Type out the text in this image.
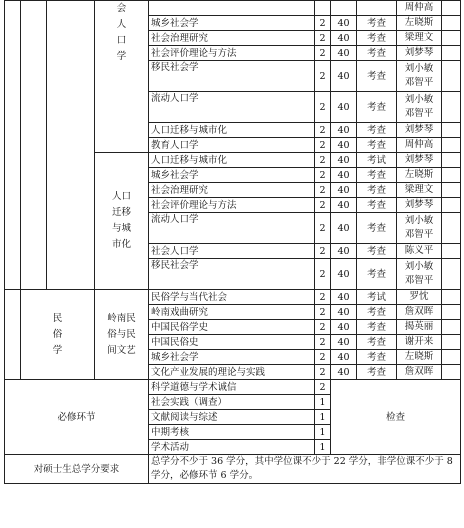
			会
人
口
学					周仲高	
				城乡社会学	2	40	考查	左晓斯	
				社会治理研究	2	40	考查	梁理文	
				社会评价理论与方法	2	40	考查	刘梦琴	
				移民社会学	2	40	考查	刘小敏
邓智平	
				流动人口学	2	40	考查	刘小敏
邓智平	
				人口迁移与城市化	2	40	考查	刘梦琴	
				教育人口学	2	40	考查	周仲高	
			人口
迁移
与城
市化	人口迁移与城市化	2	40	考试	刘梦琴	
				城乡社会学	2	40	考查	左晓斯	
				社会治理研究	2	40	考查	梁理文	
				社会评价理论与方法	2	40	考查	刘梦琴	
				流动人口学	2	40	考查	刘小敏
邓智平	
				社会人口学	2	40	考查	陈义平	
				移民社会学	2	40	考查	刘小敏
邓智平	
	民
俗
学		岭南民
俗与民
间文艺	民俗学与当代社会	2	40	考试	罗忱	
				岭南戏曲研究	2	40	考查	詹双晖	
				中国民俗学史	2	40	考查	揭英丽	
				中国民俗史	2	40	考查	谢开来	
				城乡社会学	2	40	考查	左晓斯	
				文化产业发展的理论与实践	2	40	考查	詹双晖	
必修环节				科学道德与学术诚信	2	检查			
				社会实践（调查）	1				
				文献阅读与综述	1				
				中期考核	1				
				学术活动	1				
对硕士生总学分要求				总学分不少于 36 学分，其中学位课不少于 22 学分，非学位课不少于 8 学分，必修环节 6 学分。					
